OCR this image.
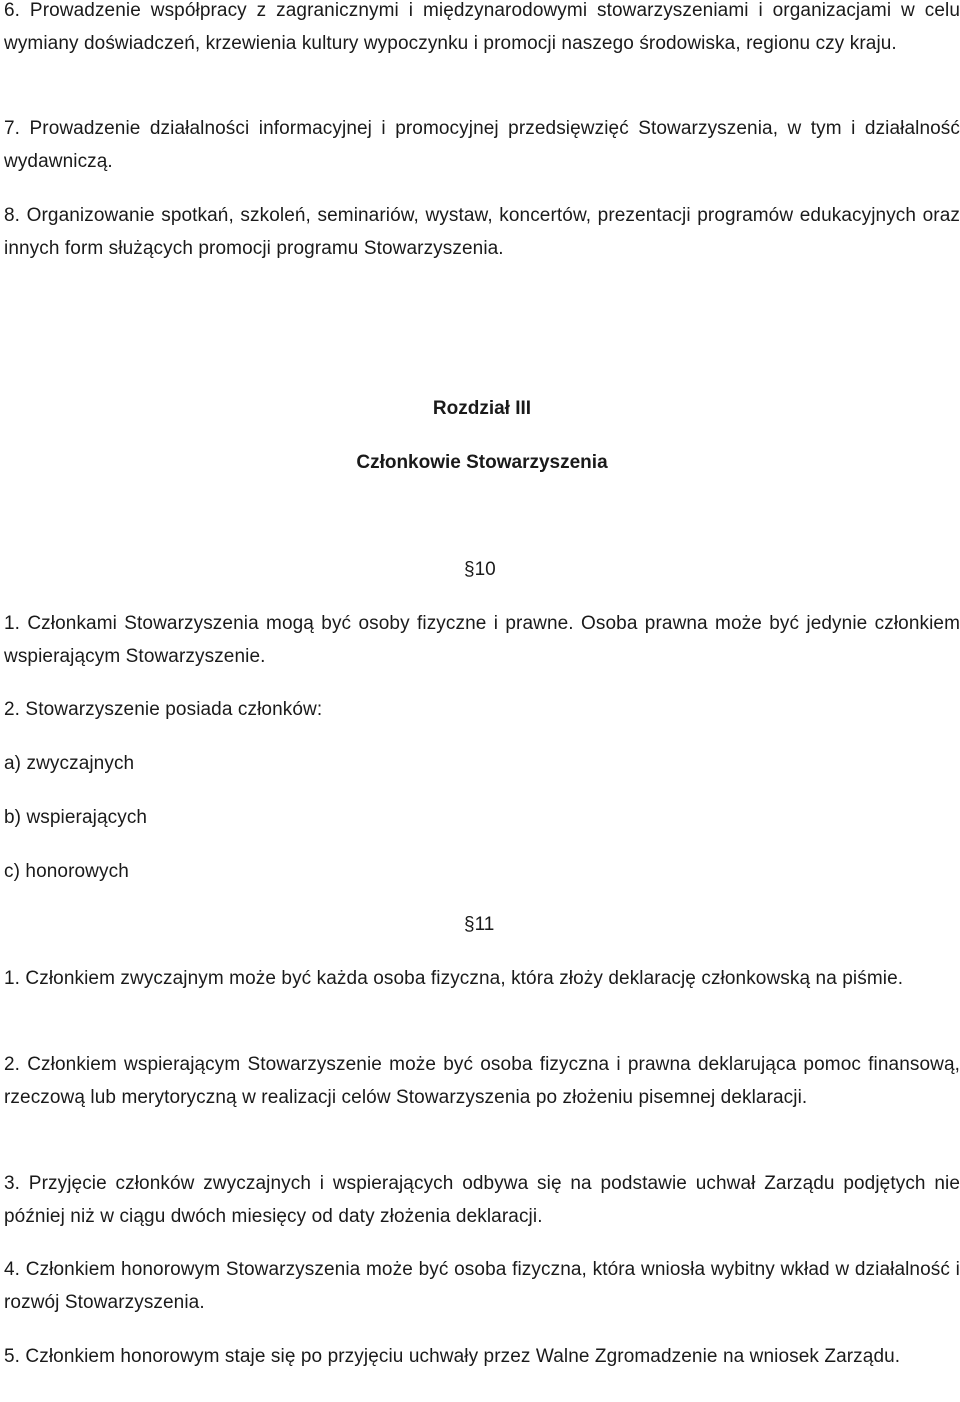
6. Prowadzenie współpracy z zagranicznymi i międzynarodowymi stowarzyszeniami i organizacjami w celu wymiany doświadczeń, krzewienia kultury wypoczynku i promocji naszego środowiska, regionu czy kraju.

7. Prowadzenie działalności informacyjnej i promocyjnej przedsięwzięć Stowarzyszenia, w tym i działalność wydawniczą.

8. Organizowanie spotkań, szkoleń, seminariów, wystaw, koncertów, prezentacji programów edukacyjnych oraz innych form służących promocji programu Stowarzyszenia.

Rozdział III

Członkowie Stowarzyszenia

§10

1. Członkami Stowarzyszenia mogą być osoby fizyczne i prawne. Osoba prawna może być jedynie członkiem wspierającym Stowarzyszenie.

2. Stowarzyszenie posiada członków:

a) zwyczajnych

b) wspierających

c) honorowych

§11

1. Członkiem zwyczajnym może być każda osoba fizyczna, która złoży deklarację członkowską na piśmie.

2. Członkiem wspierającym Stowarzyszenie może być osoba fizyczna i prawna deklarująca pomoc finansową, rzeczową lub merytoryczną w realizacji celów Stowarzyszenia po złożeniu pisemnej deklaracji.

3. Przyjęcie członków zwyczajnych i wspierających odbywa się na podstawie uchwał Zarządu podjętych nie później niż w ciągu dwóch miesięcy od daty złożenia deklaracji.

4. Członkiem honorowym Stowarzyszenia może być osoba fizyczna, która wniosła wybitny wkład w działalność i rozwój Stowarzyszenia.

5. Członkiem honorowym staje się po przyjęciu uchwały przez Walne Zgromadzenie na wniosek Zarządu.
